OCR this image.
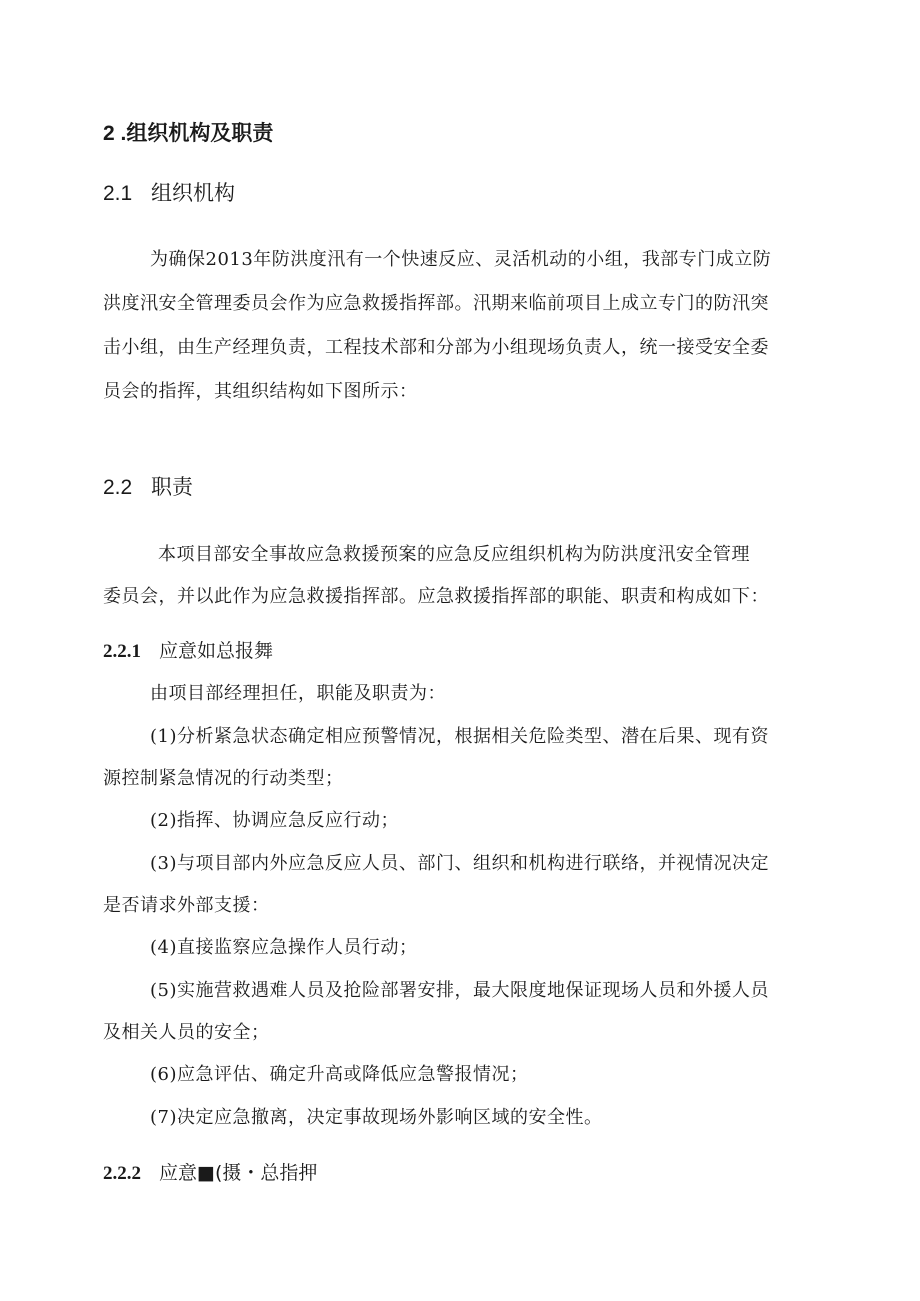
2 .组织机构及职责
2.1 组织机构
为确保2013年防洪度汛有一个快速反应、灵活机动的小组，我部专门成立防
洪度汛安全管理委员会作为应急救援指挥部。汛期来临前项目上成立专门的防汛突
击小组，由生产经理负责，工程技术部和分部为小组现场负责人，统一接受安全委
员会的指挥，其组织结构如下图所示：
2.2 职责
本项目部安全事故应急救援预案的应急反应组织机构为防洪度汛安全管理
委员会，并以此作为应急救援指挥部。应急救援指挥部的职能、职责和构成如下：
2.2.1 应意如总报舞
由项目部经理担任，职能及职责为：
(1)分析紧急状态确定相应预警情况，根据相关危险类型、潜在后果、现有资
源控制紧急情况的行动类型；
(2)指挥、协调应急反应行动；
(3)与项目部内外应急反应人员、部门、组织和机构进行联络，并视情况决定
是否请求外部支援：
(4)直接监察应急操作人员行动；
(5)实施营救遇难人员及抢险部署安排，最大限度地保证现场人员和外援人员
及相关人员的安全；
(6)应急评估、确定升高或降低应急警报情况；
(7)决定应急撤离，决定事故现场外影响区域的安全性。
2.2.2 应意■(摄・总指押
